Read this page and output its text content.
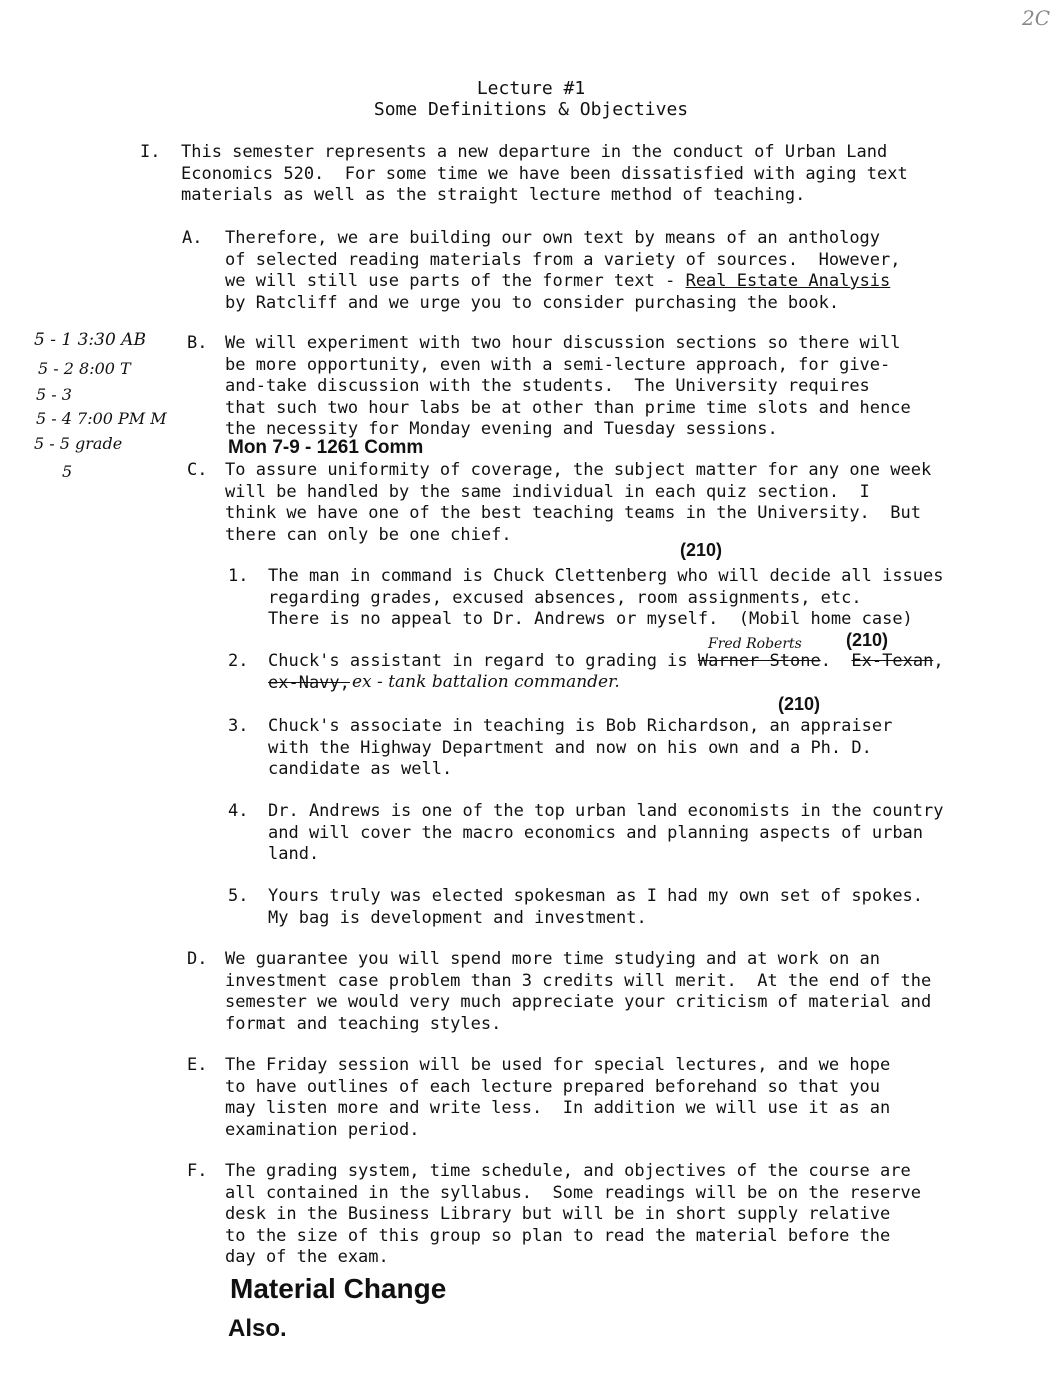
2C
Lecture #1
Some Definitions & Objectives
I. This semester represents a new departure in the conduct of Urban Land
Economics 520.  For some time we have been dissatisfied with aging text
materials as well as the straight lecture method of teaching.
A. Therefore, we are building our own text by means of an anthology
of selected reading materials from a variety of sources.  However,
we will still use parts of the former text - Real Estate Analysis
by Ratcliff and we urge you to consider purchasing the book.
B. We will experiment with two hour discussion sections so there will
be more opportunity, even with a semi-lecture approach, for give-
and-take discussion with the students.  The University requires
that such two hour labs be at other than prime time slots and hence
the necessity for Monday evening and Tuesday sessions.
5 - 1 3:30 AB
5 - 2 8:00 T
5 - 3
5 - 4 7:00 PM M
5 - 5 grade
5
Mon 7-9 - 1261 Comm
C. To assure uniformity of coverage, the subject matter for any one week
will be handled by the same individual in each quiz section.  I
think we have one of the best teaching teams in the University.  But
there can only be one chief.
(210)
1. The man in command is Chuck Clettenberg who will decide all issues
regarding grades, excused absences, room assignments, etc.
There is no appeal to Dr. Andrews or myself.  (Mobil home case)
Fred Roberts (210)
2. Chuck's assistant in regard to grading is Warner Stone.  Ex-Texan,
ex-Navy, ex - tank battalion commander.
(210)
3. Chuck's associate in teaching is Bob Richardson, an appraiser
with the Highway Department and now on his own and a Ph. D.
candidate as well.
4. Dr. Andrews is one of the top urban land economists in the country
and will cover the macro economics and planning aspects of urban
land.
5. Yours truly was elected spokesman as I had my own set of spokes.
My bag is development and investment.
D. We guarantee you will spend more time studying and at work on an
investment case problem than 3 credits will merit.  At the end of the
semester we would very much appreciate your criticism of material and
format and teaching styles.
E. The Friday session will be used for special lectures, and we hope
to have outlines of each lecture prepared beforehand so that you
may listen more and write less.  In addition we will use it as an
examination period.
F. The grading system, time schedule, and objectives of the course are
all contained in the syllabus.  Some readings will be on the reserve
desk in the Business Library but will be in short supply relative
to the size of this group so plan to read the material before the
day of the exam.
Material Change
Also.
